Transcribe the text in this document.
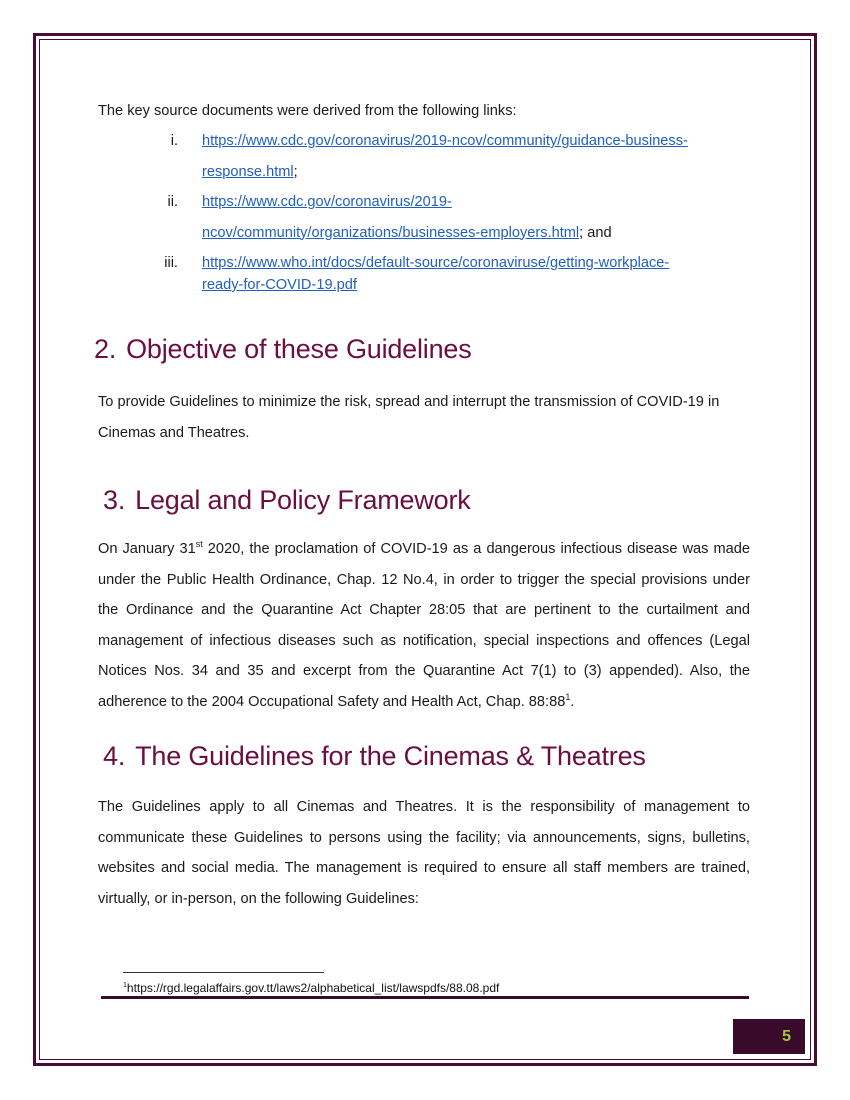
The key source documents were derived from the following links:

i. https://www.cdc.gov/coronavirus/2019-ncov/community/guidance-business-
response.html;
ii. https://www.cdc.gov/coronavirus/2019-
ncov/community/organizations/businesses-employers.html; and
iii. https://www.who.int/docs/default-source/coronaviruse/getting-workplace-
ready-for-COVID-19.pdf
2. Objective of these Guidelines

To provide Guidelines to minimize the risk, spread and interrupt the transmission of COVID-19 in Cinemas and Theatres.

3. Legal and Policy Framework

On January 31st 2020, the proclamation of COVID-19 as a dangerous infectious disease was made under the Public Health Ordinance, Chap. 12 No.4, in order to trigger the special provisions under the Ordinance and the Quarantine Act Chapter 28:05 that are pertinent to the curtailment and management of infectious diseases such as notification, special inspections and offences (Legal Notices Nos. 34 and 35 and excerpt from the Quarantine Act 7(1) to (3) appended). Also, the adherence to the 2004 Occupational Safety and Health Act, Chap. $88:88^1$.

4. The Guidelines for the Cinemas & Theatres

The Guidelines apply to all Cinemas and Theatres. It is the responsibility of management to communicate these Guidelines to persons using the facility; via announcements, signs, bulletins, websites and social media. The management is required to ensure all staff members are trained, virtually, or in-person, on the following Guidelines:

$^1$https://rgd.legalaffairs.gov.tt/laws2/alphabetical_list/lawspdfs/88.08.pdf
5
